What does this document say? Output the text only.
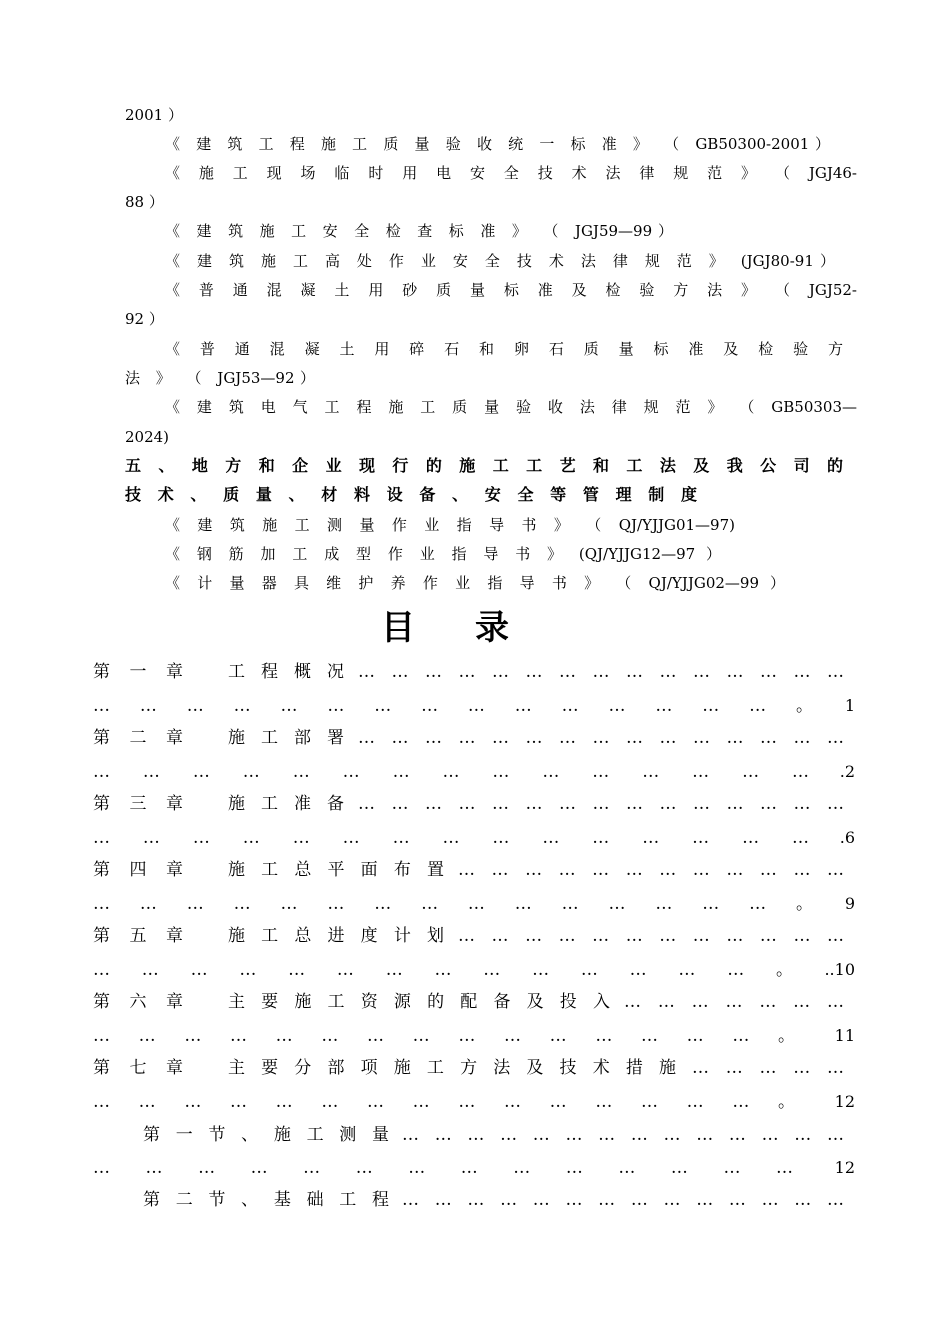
2001 ）
《 建 筑 工 程 施 工 质 量 验 收 统 一 标 准 》 （ GB50300-2001）
《 施 工 现 场 临 时 用 电 安 全 技 术 法 律 规 范 》 （ JGJ46-
88 ）
《 建 筑 施 工 安 全 检 查 标 准 》 （ JGJ59—99）
《 建 筑 施 工 高 处 作 业 安 全 技 术 法 律 规 范 》 (JGJ80-91）
《 普 通 混 凝 土 用 砂 质 量 标 准 及 检 验 方 法 》 （ JGJ52-
92 ）
《 普 通 混 凝 土 用 碎 石 和 卵 石 质 量 标 准 及 检 验 方
法 》 （ JGJ53—92）
《 建 筑 电 气 工 程 施 工 质 量 验 收 法 律 规 范 》 （ GB50303—
2024)
五 、 地 方 和 企 业 现 行 的 施 工 工 艺 和 工 法 及 我 公 司 的
技 术 、 质 量 、 材 料 设 备 、 安 全 等 管 理 制 度
《 建 筑 施 工 测 量 作 业 指 导 书 》 （ QJ/YJJG01—97)
《 钢 筋 加 工 成 型 作 业 指 导 书 》 (QJ/YJJG12—97 ）
《 计 量 器 具 维 护 养 作 业 指 导 书 》 （ QJ/YJJG02—99 ）
目录
第 一 章	工 程 概 况 … … … … … … … … … … … … … … …
… … … … … … … … … … … … … … … 。 1
第 二 章	施 工 部 署 … … … … … … … … … … … … … … …
… … … … … … … … … … … … … … … .2
第 三 章	施 工 准 备 … … … … … … … … … … … … … … …
… … … … … … … … … … … … … … … .6
第 四 章	施 工 总 平 面 布 置 … … … … … … … … … … … …
… … … … … … … … … … … … … … … 。 9
第 五 章	施 工 总 进 度 计 划 … … … … … … … … … … … …
… … … … … … … … … … … … … … 。 ..10
第 六 章	主 要 施 工 资 源 的 配 备 及 投 入 … … … … … … …
… … … … … … … … … … … … … … … 。 11
第 七 章	主 要 分 部 项 施 工 方 法 及 技 术 措 施 … … … … …
… … … … … … … … … … … … … … … 。 12
第 一 节 、 施 工 测 量 … … … … … … … … … … … … … …
… … … … … … … … … … … … … …	12
第 二 节 、 基 础 工 程 … … … … … … … … … … … … … …
